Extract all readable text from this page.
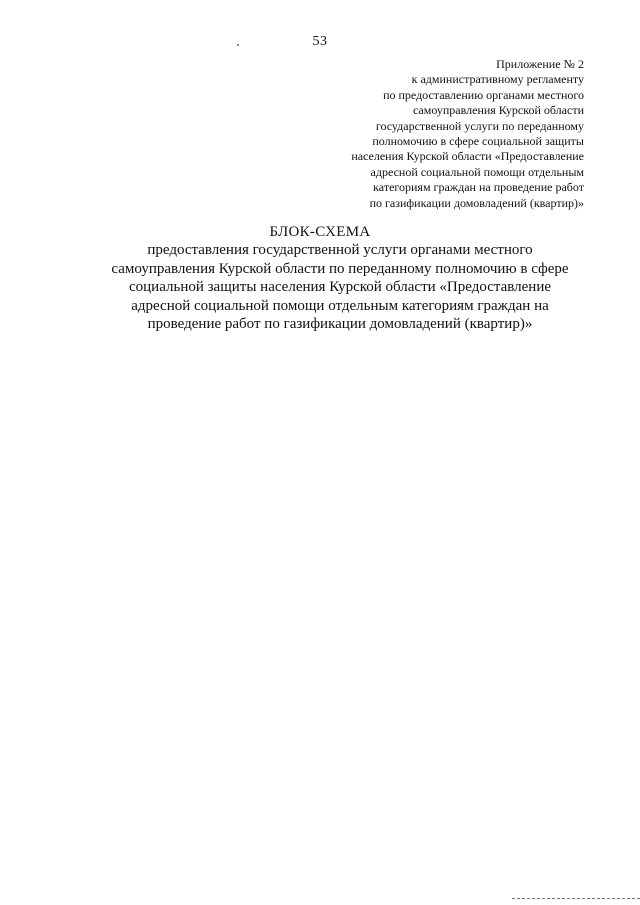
53
Приложение № 2
к административному регламенту
по предоставлению органами местного
самоуправления Курской области
государственной услуги по переданному
полномочию в сфере социальной защиты
населения Курской области «Предоставление
адресной социальной помощи отдельным
категориям граждан на проведение работ
по газификации домовладений (квартир)»
БЛОК-СХЕМА
предоставления государственной услуги органами местного
самоуправления Курской области по переданному полномочию в сфере
социальной защиты населения Курской области «Предоставление
адресной социальной помощи отдельным категориям граждан на
проведение работ по газификации домовладений (квартир)»
